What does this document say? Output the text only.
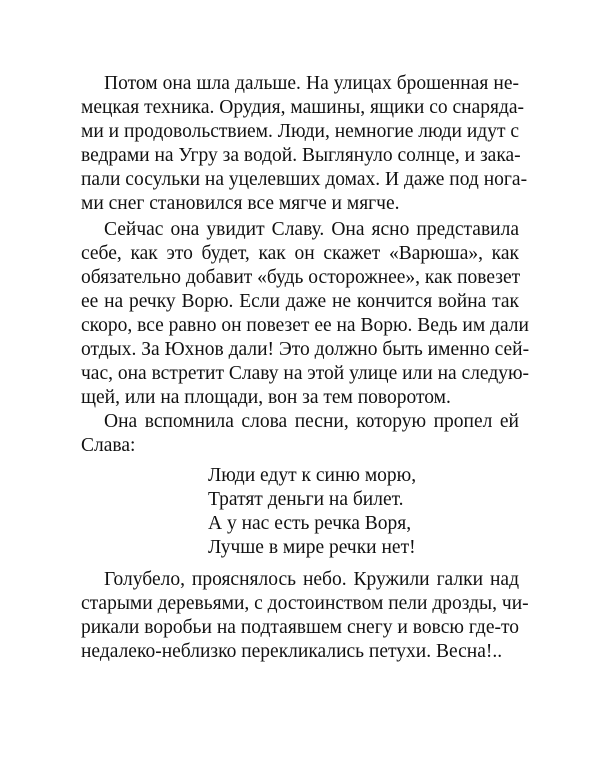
Потом она шла дальше. На улицах брошенная не-
мецкая техника. Орудия, машины, ящики со снаряда-
ми и продовольствием. Люди, немногие люди идут с
ведрами на Угру за водой. Выглянуло солнце, и зака-
пали сосульки на уцелевших домах. И даже под нога-
ми снег становился все мягче и мягче.
Сейчас она увидит Славу. Она ясно представила
себе, как это будет, как он скажет «Варюша», как
обязательно добавит «будь осторожнее», как повезет
ее на речку Ворю. Если даже не кончится война так
скоро, все равно он повезет ее на Ворю. Ведь им дали
отдых. За Юхнов дали! Это должно быть именно сей-
час, она встретит Славу на этой улице или на следую-
щей, или на площади, вон за тем поворотом.
Она вспомнила слова песни, которую пропел ей
Слава:
Люди едут к синю морю,
Тратят деньги на билет.
А у нас есть речка Воря,
Лучше в мире речки нет!
Голубело, прояснялось небо. Кружили галки над
старыми деревьями, с достоинством пели дрозды, чи-
рикали воробьи на подтаявшем снегу и вовсю где-то
недалеко-неблизко перекликались петухи. Весна!..
